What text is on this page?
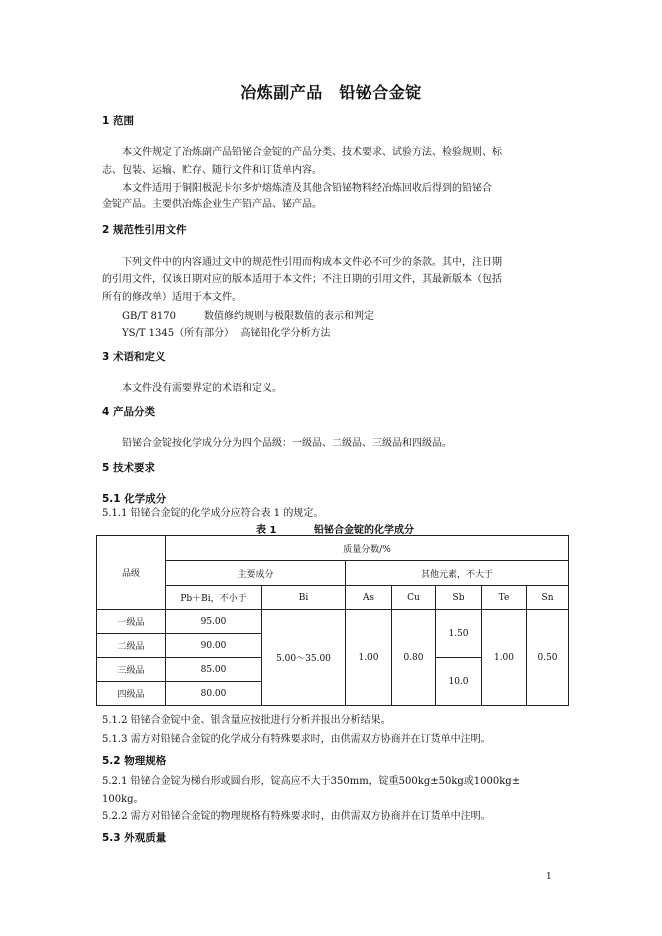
冶炼副产品　铅铋合金锭
1 范围
本文件规定了冶炼副产品铅铋合金锭的产品分类、技术要求、试验方法、检验规则、标
志、包装、运输、贮存、随行文件和订货单内容。
本文件适用于铜阳极泥卡尔多炉熔炼渣及其他含铅铋物料经冶炼回收后得到的铅铋合
金锭产品。主要供冶炼企业生产铅产品、铋产品。
2 规范性引用文件
下列文件中的内容通过文中的规范性引用而构成本文件必不可少的条款。其中，注日期
的引用文件，仅该日期对应的版本适用于本文件；不注日期的引用文件，其最新版本（包括
所有的修改单）适用于本文件。
GB/T 8170	数值修约规则与极限数值的表示和判定
YS/T 1345（所有部分） 高铋铅化学分析方法
3 术语和定义
本文件没有需要界定的术语和定义。
4 产品分类
铅铋合金锭按化学成分分为四个品级：一级品、二级品、三级品和四级品。
5 技术要求
5.1 化学成分
5.1.1 铅铋合金锭的化学成分应符合表 1 的规定。
表 1	铅铋合金锭的化学成分
品级	质量分数/%						
	主要成分		其他元素，不大于				
	Pb＋Bi，不小于	Bi	As	Cu	Sb	Te	Sn
一级品	95.00	5.00～35.00	1.00	0.80	1.50	1.00	0.50
二级品	90.00						
三级品	85.00				10.0		
四级品	80.00						
5.1.2 铅铋合金锭中金、银含量应按批进行分析并报出分析结果。
5.1.3 需方对铅铋合金锭的化学成分有特殊要求时，由供需双方协商并在订货单中注明。
5.2 物理规格
5.2.1 铅铋合金锭为梯台形或圆台形，锭高应不大于350mm，锭重500kg±50kg或1000kg±
100kg。
5.2.2 需方对铅铋合金锭的物理规格有特殊要求时，由供需双方协商并在订货单中注明。
5.3 外观质量
1
